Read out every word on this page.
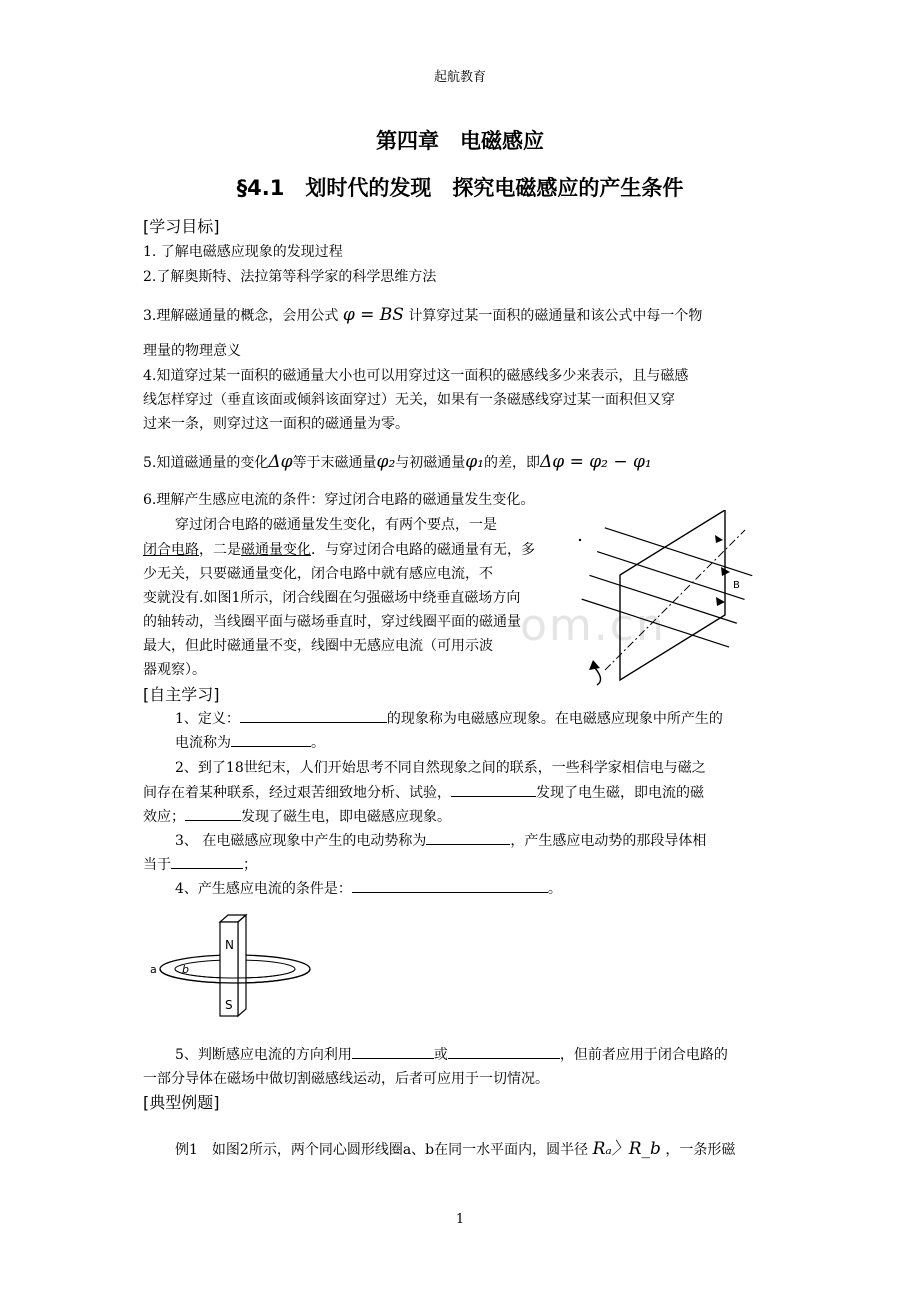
om.cn
起航教育
第四章　电磁感应
§4.1　划时代的发现　探究电磁感应的产生条件
[学习目标]
1. 了解电磁感应现象的发现过程
2.了解奥斯特、法拉第等科学家的科学思维方法
3.理解磁通量的概念，会用公式 φ = BS 计算穿过某一面积的磁通量和该公式中每一个物
理量的物理意义
4.知道穿过某一面积的磁通量大小也可以用穿过这一面积的磁感线多少来表示，且与磁感
线怎样穿过（垂直该面或倾斜该面穿过）无关，如果有一条磁感线穿过某一面积但又穿
过来一条，则穿过这一面积的磁通量为零。
5.知道磁通量的变化Δφ等于末磁通量φ₂与初磁通量φ₁的差，即Δφ = φ₂ − φ₁
6.理解产生感应电流的条件：穿过闭合电路的磁通量发生变化。
穿过闭合电路的磁通量发生变化，有两个要点，一是
闭合电路，二是磁通量变化．与穿过闭合电路的磁通量有无，多
少无关，只要磁通量变化，闭合电路中就有感应电流，不
变就没有.如图1所示，闭合线圈在匀强磁场中绕垂直磁场方向
的轴转动，当线圈平面与磁场垂直时，穿过线圈平面的磁通量
最大，但此时磁通量不变，线圈中无感应电流（可用示波
器观察）。
B
[自主学习]
1、定义：	的现象称为电磁感应现象。在电磁感应现象中所产生的
电流称为	。
2、到了18世纪末，人们开始思考不同自然现象之间的联系，一些科学家相信电与磁之
间存在着某种联系，经过艰苦细致地分析、试验，	发现了电生磁，即电流的磁
效应；	发现了磁生电，即电磁感应现象。
3、 在电磁感应现象中产生的电动势称为	，产生感应电动势的那段导体相
当于	；
4、产生感应电流的条件是：	。
N
S
a b
5、判断感应电流的方向利用	或	，但前者应用于闭合电路的
一部分导体在磁场中做切割磁感线运动，后者可应用于一切情况。
[典型例题]
例1　如图2所示，两个同心圆形线圈a、b在同一水平面内，圆半径 Rₐ〉R_b ，一条形磁
1
